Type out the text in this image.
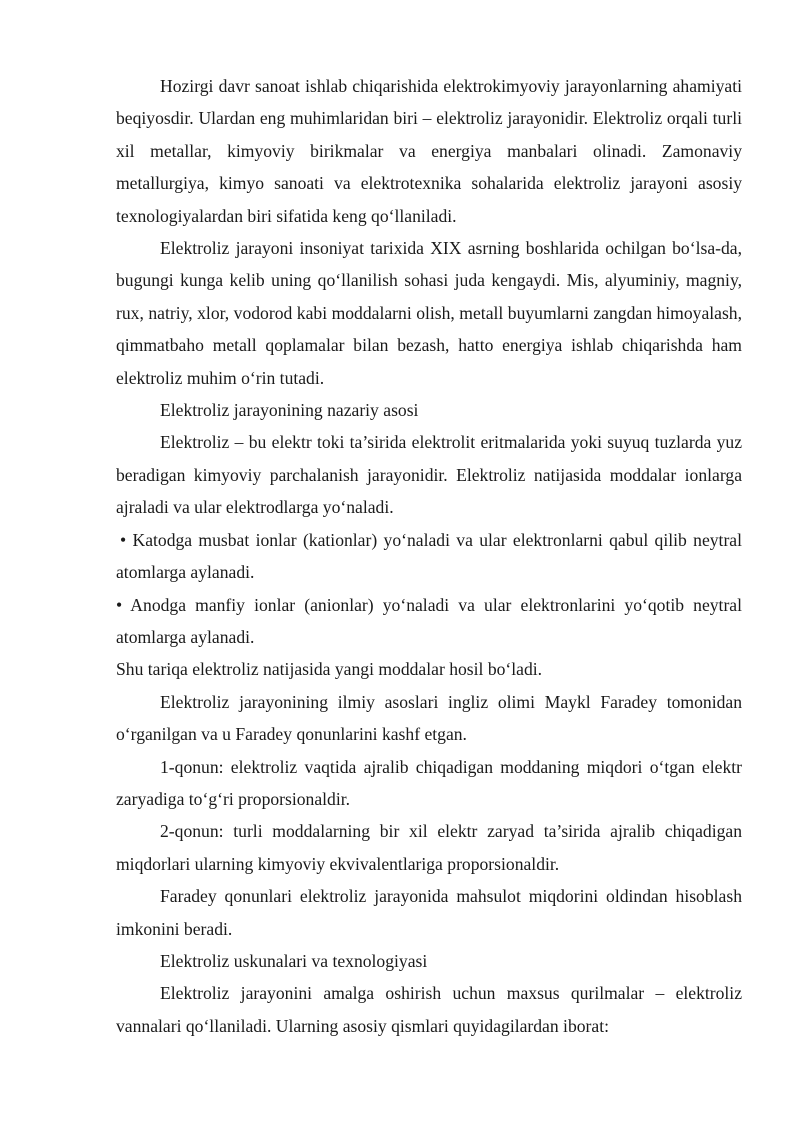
Hozirgi davr sanoat ishlab chiqarishida elektrokimyoviy jarayonlarning ahamiyati beqiyosdir. Ulardan eng muhimlaridan biri – elektroliz jarayonidir. Elektroliz orqali turli xil metallar, kimyoviy birikmalar va energiya manbalari olinadi. Zamonaviy metallurgiya, kimyo sanoati va elektrotexnika sohalarida elektroliz jarayoni asosiy texnologiyalardan biri sifatida keng qo‘llaniladi.

Elektroliz jarayoni insoniyat tarixida XIX asrning boshlarida ochilgan bo‘lsa-da, bugungi kunga kelib uning qo‘llanilish sohasi juda kengaydi. Mis, alyuminiy, magniy, rux, natriy, xlor, vodorod kabi moddalarni olish, metall buyumlarni zangdan himoyalash, qimmatbaho metall qoplamalar bilan bezash, hatto energiya ishlab chiqarishda ham elektroliz muhim o‘rin tutadi.

Elektroliz jarayonining nazariy asosi

Elektroliz – bu elektr toki ta’sirida elektrolit eritmalarida yoki suyuq tuzlarda yuz beradigan kimyoviy parchalanish jarayonidir. Elektroliz natijasida moddalar ionlarga ajraladi va ular elektrodlarga yo‘naladi.

• Katodga musbat ionlar (kationlar) yo‘naladi va ular elektronlarni qabul qilib neytral atomlarga aylanadi.

• Anodga manfiy ionlar (anionlar) yo‘naladi va ular elektronlarini yo‘qotib neytral atomlarga aylanadi.

Shu tariqa elektroliz natijasida yangi moddalar hosil bo‘ladi.

Elektroliz jarayonining ilmiy asoslari ingliz olimi Maykl Faradey tomonidan o‘rganilgan va u Faradey qonunlarini kashf etgan.

1-qonun: elektroliz vaqtida ajralib chiqadigan moddaning miqdori o‘tgan elektr zaryadiga to‘g‘ri proporsionaldir.

2-qonun: turli moddalarning bir xil elektr zaryad ta’sirida ajralib chiqadigan miqdorlari ularning kimyoviy ekvivalentlariga proporsionaldir.

Faradey qonunlari elektroliz jarayonida mahsulot miqdorini oldindan hisoblash imkonini beradi.

Elektroliz uskunalari va texnologiyasi

Elektroliz jarayonini amalga oshirish uchun maxsus qurilmalar – elektroliz vannalari qo‘llaniladi. Ularning asosiy qismlari quyidagilardan iborat:
